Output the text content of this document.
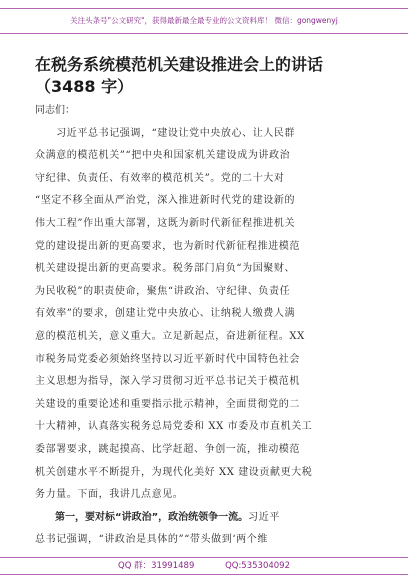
关注头条号"公文研究"，获得最新最全最专业的公文资料库！ 微信：gongwenyj
在税务系统模范机关建设推进会上的讲话
（3488 字）

同志们：

　　习近平总书记强调，“建设让党中央放心、让人民群
众满意的模范机关”“把中央和国家机关建设成为讲政治
守纪律、负责任、有效率的模范机关”。党的二十大对
“坚定不移全面从严治党，深入推进新时代党的建设新的
伟大工程”作出重大部署，这既为新时代新征程推进机关
党的建设提出新的更高要求，也为新时代新征程推进模范
机关建设提出新的更高要求。税务部门肩负“为国聚财、
为民收税”的职责使命，聚焦“讲政治、守纪律、负责任
有效率”的要求，创建让党中央放心、让纳税人缴费人满
意的模范机关，意义重大。立足新起点，奋进新征程。XX
市税务局党委必须始终坚持以习近平新时代中国特色社会
主义思想为指导，深入学习贯彻习近平总书记关于模范机
关建设的重要论述和重要指示批示精神，全面贯彻党的二
十大精神，认真落实税务总局党委和 XX 市委及市直机关工
委部署要求，跳起摸高、比学赶超、争创一流，推动模范
机关创建水平不断提升，为现代化美好 XX 建设贡献更大税
务力量。下面，我讲几点意见。
　　第一，要对标“讲政治”，政治统领争一流。习近平
总书记强调，“讲政治是具体的”“带头做到‘两个维
QQ 群：31991489	QQ:535304092
